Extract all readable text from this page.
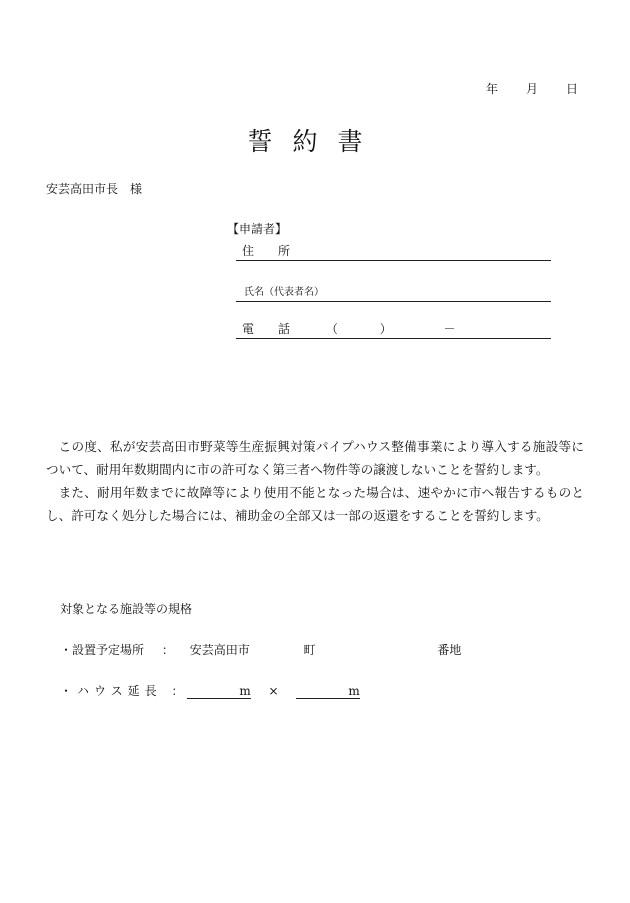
年 月 日
誓約書
安芸高田市長　様
【申請者】
住　　所
氏名（代表者名）
電　　話	（	）	－

この度、私が安芸高田市野菜等生産振興対策パイプハウス整備事業により導入する施設等について、耐用年数期間内に市の許可なく第三者へ物件等の譲渡しないことを誓約します。

また、耐用年数までに故障等により使用不能となった場合は、速やかに市へ報告するものとし、許可なく処分した場合には、補助金の全部又は一部の返還をすることを誓約します。

対象となる施設等の規格
・設置予定場所 ： 安芸高田市	町	番地
・ハウス延長 ：	m ×	m
